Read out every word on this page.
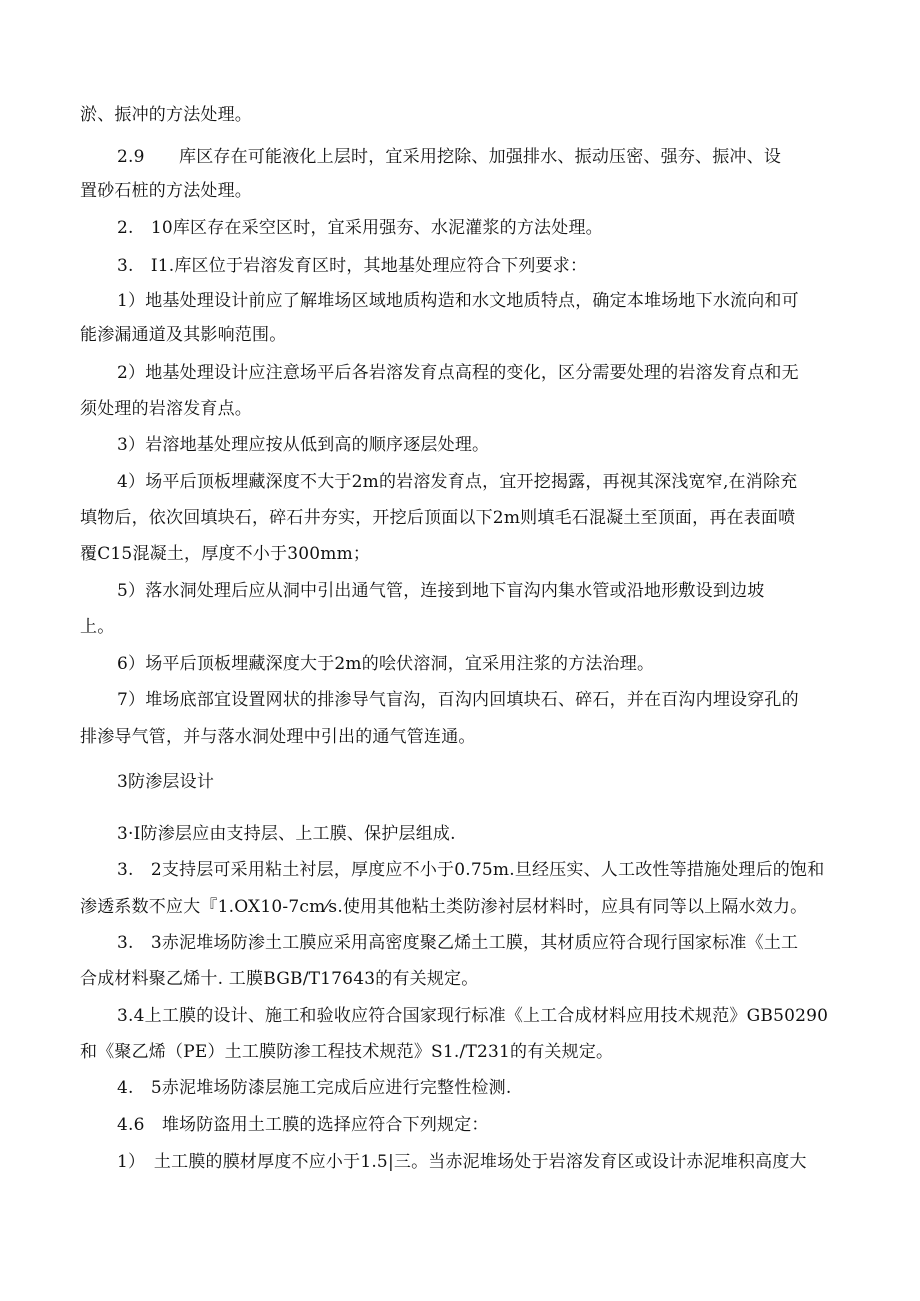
淤、振冲的方法处理。
2.9　　库区存在可能液化上层时，宜采用挖除、加强排水、振动压密、强夯、振冲、设
置砂石桩的方法处理。
2.　10库区存在采空区时，宜采用强夯、水泥灌浆的方法处理。
3.　I1.库区位于岩溶发育区时，其地基处理应符合下列要求：
1）地基处理设计前应了解堆场区域地质构造和水文地质特点，确定本堆场地下水流向和可
能渗漏通道及其影响范围。
2）地基处理设计应注意场平后各岩溶发育点高程的变化，区分需要处理的岩溶发育点和无
须处理的岩溶发育点。
3）岩溶地基处理应按从低到高的顺序逐层处理。
4）场平后顶板埋藏深度不大于2m的岩溶发育点，宜开挖揭露，再视其深浅宽窄,在消除充
填物后，依次回填块石，碎石井夯实，开挖后顶面以下2m则填毛石混凝土至顶面，再在表面喷
覆C15混凝土，厚度不小于300mm；
5）落水洞处理后应从洞中引出通气管，连接到地下盲沟内集水管或沿地形敷设到边坡
上。
6）场平后顶板埋藏深度大于2m的哙伏溶洞，宜采用注浆的方法治理。
7）堆场底部宜设置网状的排渗导气盲沟，百沟内回填块石、碎石，并在百沟内埋设穿孔的
排渗导气管，并与落水洞处理中引出的通气管连通。
3防渗层设计
3·I防渗层应由支持层、上工膜、保护层组成.
3.　2支持层可采用粘土衬层，厚度应不小于0.75m.旦经压实、人工改性等措施处理后的饱和
渗透系数不应大『1.OX10-7cm⁄s.使用其他粘土类防渗衬层材料时，应具有同等以上隔水效力。
3.　3赤泥堆场防渗土工膜应采用高密度聚乙烯土工膜，其材质应符合现行国家标准《土工
合成材料聚乙烯十. 工膜BGB/T17643的有关规定。
3.4上工膜的设计、施工和验收应符合国家现行标准《上工合成材料应用技术规范》GB50290
和《聚乙烯（PE）土工膜防渗工程技术规范》S1./T231的有关规定。
4.　5赤泥堆场防漆层施工完成后应进行完整性检测.
4.6　堆场防盗用土工膜的选择应符合下列规定：
1）　土工膜的膜材厚度不应小于1.5|三。当赤泥堆场处于岩溶发育区或设计赤泥堆积高度大
